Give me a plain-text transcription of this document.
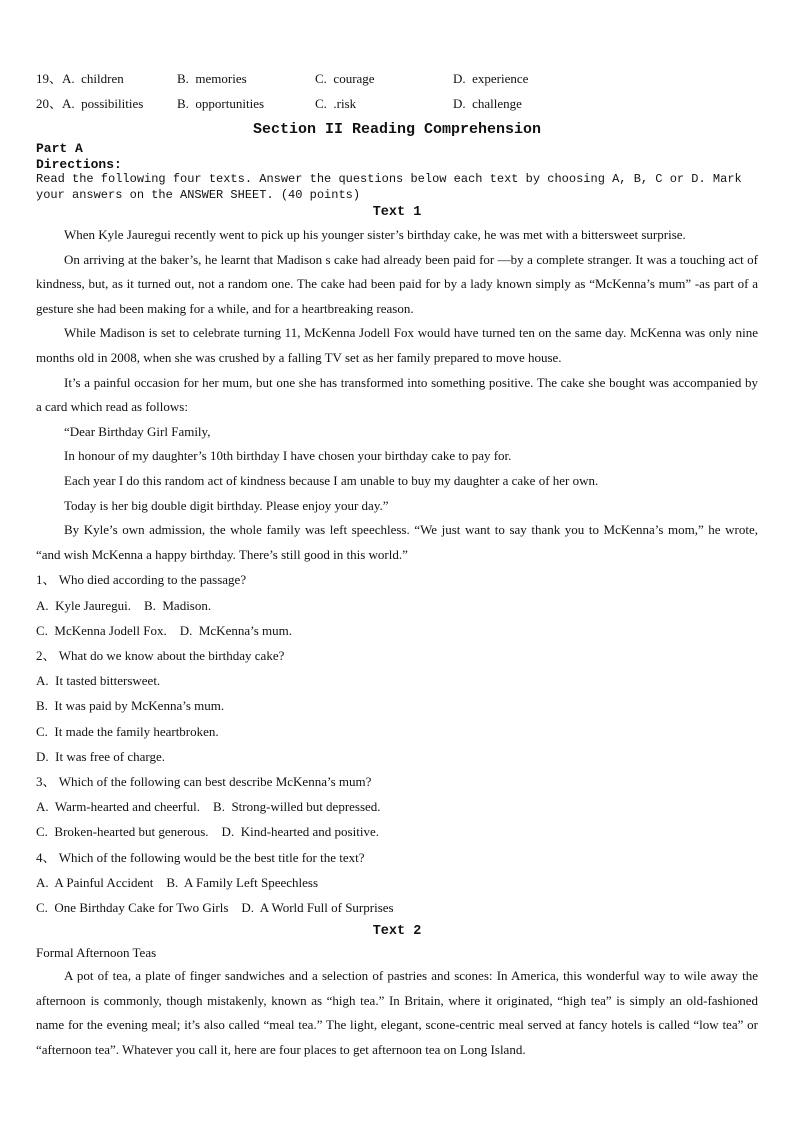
19、A.  children	B.  memories	C.  courage	D.  experience
20、A.  possibilities	B.  opportunities	C.  .risk	D.  challenge
Section II Reading Comprehension
Part A
Directions:
Read the following four texts. Answer the questions below each text by choosing A, B, C or D. Mark your answers on the ANSWER SHEET. (40 points)
Text 1

When Kyle Jauregui recently went to pick up his younger sister’s birthday cake, he was met with a bittersweet surprise.

On arriving at the baker’s, he learnt that Madison s cake had already been paid for —by a complete stranger. It was a touching act of kindness, but, as it turned out, not a random one. The cake had been paid for by a lady known simply as “McKenna’s mum” -as part of a gesture she had been making for a while, and for a heartbreaking reason.

While Madison is set to celebrate turning 11, McKenna Jodell Fox would have turned ten on the same day. McKenna was only nine months old in 2008, when she was crushed by a falling TV set as her family prepared to move house.

It’s a painful occasion for her mum, but one she has transformed into something positive. The cake she bought was accompanied by a card which read as follows:

“Dear Birthday Girl Family,

In honour of my daughter’s 10th birthday I have chosen your birthday cake to pay for.

Each year I do this random act of kindness because I am unable to buy my daughter a cake of her own.

Today is her big double digit birthday. Please enjoy your day.”

By Kyle’s own admission, the whole family was left speechless. “We just want to say thank you to McKenna’s mom,” he wrote, “and wish McKenna a happy birthday. There’s still good in this world.”

1、 Who died according to the passage?
A.  Kyle Jauregui.    B.  Madison.
C.  McKenna Jodell Fox.    D.  McKenna’s mum.
2、 What do we know about the birthday cake?
A.  It tasted bittersweet.
B.  It was paid by McKenna’s mum.
C.  It made the family heartbroken.
D.  It was free of charge.
3、 Which of the following can best describe McKenna’s mum?
A.  Warm-hearted and cheerful.    B.  Strong-willed but depressed.
C.  Broken-hearted but generous.    D.  Kind-hearted and positive.
4、 Which of the following would be the best title for the text?
A.  A Painful Accident    B.  A Family Left Speechless
C.  One Birthday Cake for Two Girls    D.  A World Full of Surprises
Text 2
Formal Afternoon Teas

A pot of tea, a plate of finger sandwiches and a selection of pastries and scones: In America, this wonderful way to wile away the afternoon is commonly, though mistakenly, known as “high tea.” In Britain, where it originated, “high tea” is simply an old-fashioned name for the evening meal; it’s also called “meal tea.” The light, elegant, scone-centric meal served at fancy hotels is called “low tea” or “afternoon tea”. Whatever you call it, here are four places to get afternoon tea on Long Island.
